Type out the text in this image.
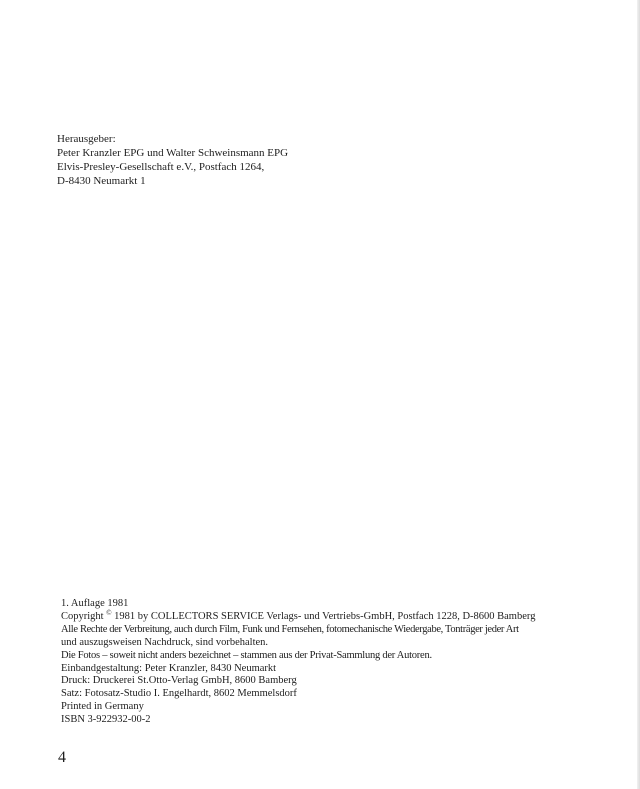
Herausgeber:
Peter Kranzler EPG und Walter Schweinsmann EPG
Elvis-Presley-Gesellschaft e.V., Postfach 1264,
D-8430 Neumarkt 1
1. Auflage 1981
Copyright © 1981 by COLLECTORS SERVICE Verlags- und Vertriebs-GmbH, Postfach 1228, D-8600 Bamberg
Alle Rechte der Verbreitung, auch durch Film, Funk und Fernsehen, fotomechanische Wiedergabe, Tonträger jeder Art
und auszugsweisen Nachdruck, sind vorbehalten.
Die Fotos – soweit nicht anders bezeichnet – stammen aus der Privat-Sammlung der Autoren.
Einbandgestaltung: Peter Kranzler, 8430 Neumarkt
Druck: Druckerei St.Otto-Verlag GmbH, 8600 Bamberg
Satz: Fotosatz-Studio I. Engelhardt, 8602 Memmelsdorf
Printed in Germany
ISBN 3-922932-00-2
4
